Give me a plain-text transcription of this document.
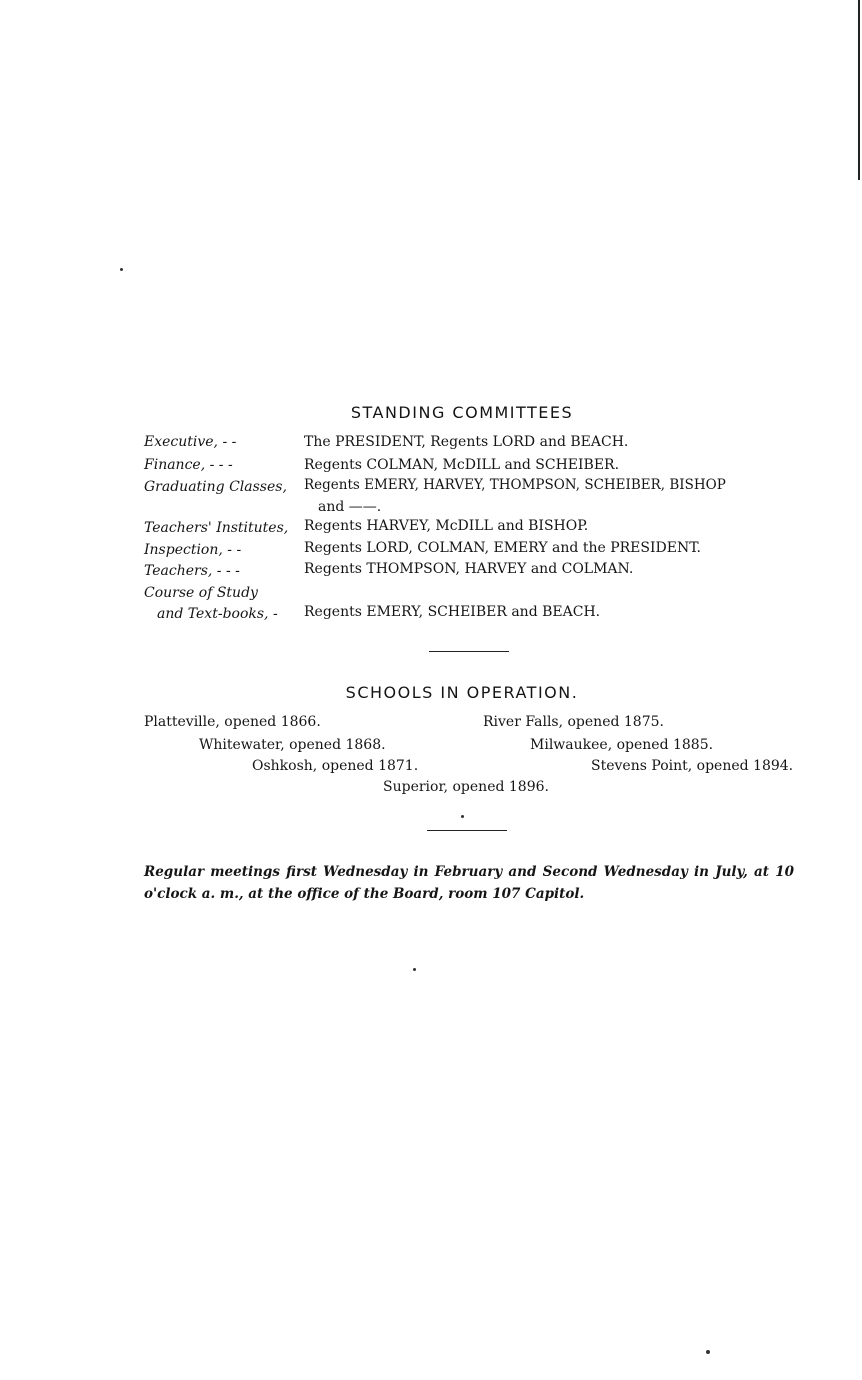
STANDING COMMITTEES
Executive, - -	The PRESIDENT, Regents LORD and BEACH.
Finance, - - -	Regents COLMAN, McDILL and SCHEIBER.
Graduating Classes, Regents EMERY, HARVEY, THOMPSON, SCHEIBER, BISHOP
and ——.
Teachers' Institutes, Regents HARVEY, McDILL and BISHOP.
Inspection, - -	Regents LORD, COLMAN, EMERY and the PRESIDENT.
Teachers, - - -	Regents THOMPSON, HARVEY and COLMAN.
Course of Study
and Text-books, - Regents EMERY, SCHEIBER and BEACH.
SCHOOLS IN OPERATION.
Platteville, opened 1866.	River Falls, opened 1875.
Whitewater, opened 1868.	Milwaukee, opened 1885.
Oshkosh, opened 1871.	Stevens Point, opened 1894.
Superior, opened 1896.
Regular meetings first Wednesday in February and Second Wednesday in July, at 10 o'clock a. m., at the office of the Board, room 107 Capitol.
